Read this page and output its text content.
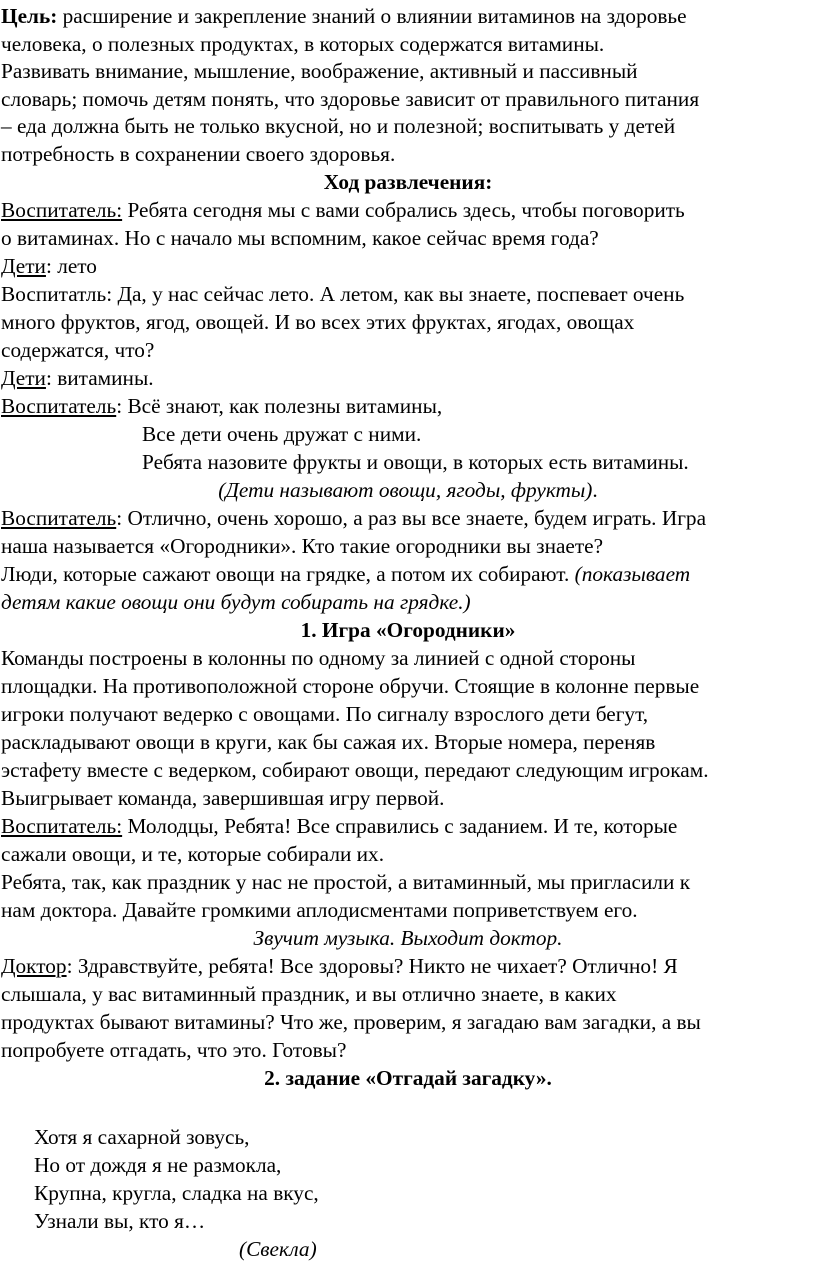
Цель: расширение и закрепление знаний о влиянии витаминов на здоровье
человека, о полезных продуктах, в которых содержатся витамины.
Развивать внимание, мышление, воображение, активный и пассивный
словарь; помочь детям понять, что здоровье зависит от правильного питания
– еда должна быть не только вкусной, но и полезной; воспитывать у детей
потребность в сохранении своего здоровья.
Ход развлечения:
Воспитатель: Ребята сегодня мы с вами собрались здесь, чтобы поговорить
о витаминах. Но с начало мы вспомним, какое сейчас время года?
Дети: лето
Воспитатль: Да, у нас сейчас лето. А летом, как вы знаете, поспевает очень
много фруктов, ягод, овощей. И во всех этих фруктах, ягодах, овощах
содержатся, что?
Дети: витамины.
Воспитатель: Всё знают, как полезны витамины,
Все дети очень дружат с ними.
Ребята назовите фрукты и овощи, в которых есть витамины.
(Дети называют овощи, ягоды, фрукты).
Воспитатель: Отлично, очень хорошо, а раз вы все знаете, будем играть. Игра
наша называется «Огородники». Кто такие огородники вы знаете?
Люди, которые сажают овощи на грядке, а потом их собирают. (показывает
детям какие овощи они будут собирать на грядке.)
1. Игра «Огородники»
Команды построены в колонны по одному за линией с одной стороны
площадки. На противоположной стороне обручи. Стоящие в колонне первые
игроки получают ведерко с овощами. По сигналу взрослого дети бегут,
раскладывают овощи в круги, как бы сажая их. Вторые номера, переняв
эстафету вместе с ведерком, собирают овощи, передают следующим игрокам.
Выигрывает команда, завершившая игру первой.
Воспитатель: Молодцы, Ребята! Все справились с заданием. И те, которые
сажали овощи, и те, которые собирали их.
Ребята, так, как праздник у нас не простой, а витаминный, мы пригласили к
нам доктора. Давайте громкими аплодисментами поприветствуем его.
Звучит музыка. Выходит доктор.
Доктор: Здравствуйте, ребята! Все здоровы? Никто не чихает? Отлично! Я
слышала, у вас витаминный праздник, и вы отлично знаете, в каких
продуктах бывают витамины? Что же, проверим, я загадаю вам загадки, а вы
попробуете отгадать, что это. Готовы?
2. задание «Отгадай загадку».
Хотя я сахарной зовусь,
Но от дождя я не размокла,
Крупна, кругла, сладка на вкус,
Узнали вы, кто я…
(Свекла)
